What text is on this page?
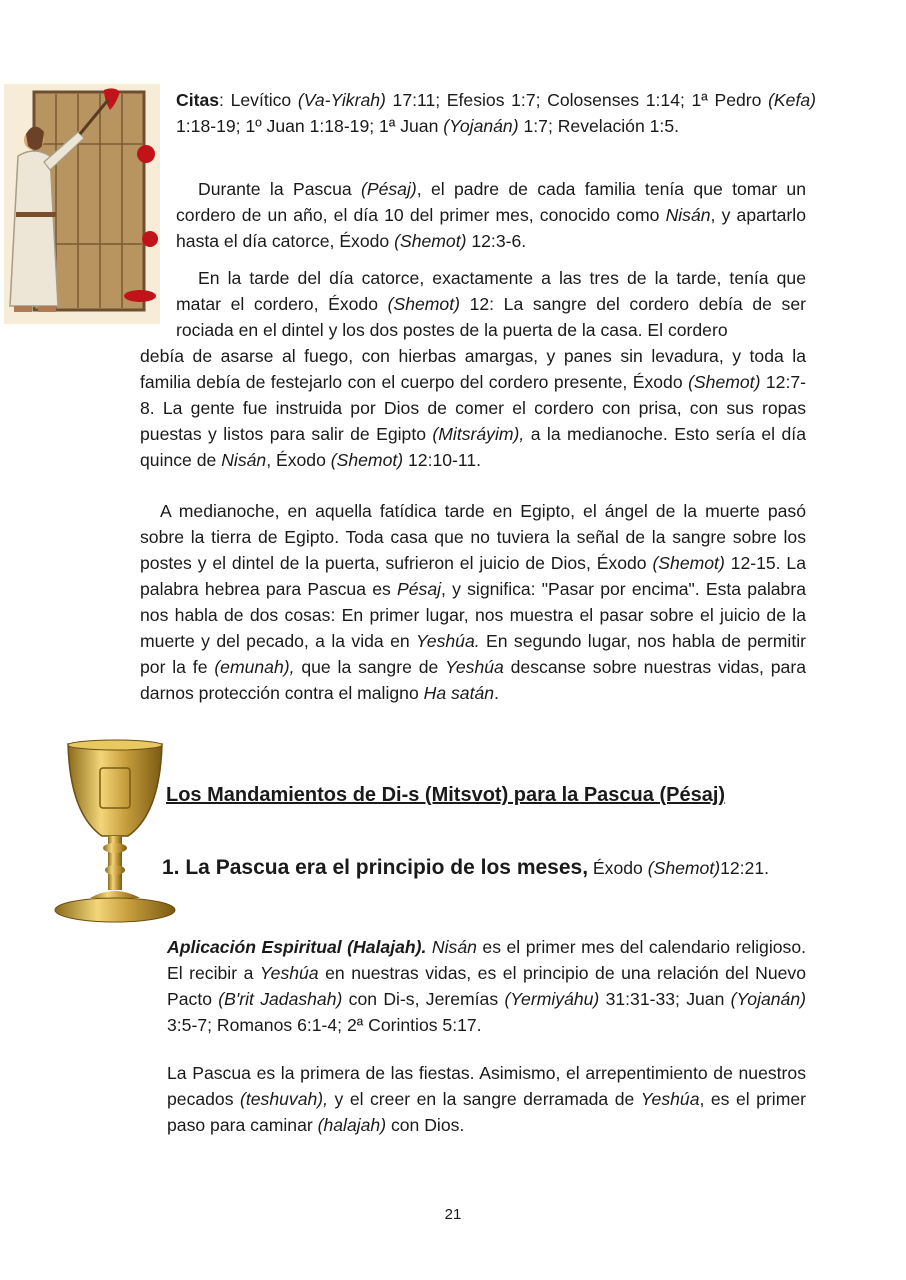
Citas: Levítico (Va-Yikrah) 17:11; Efesios 1:7; Colosenses 1:14; 1ª Pedro (Kefa) 1:18-19; 1º Juan 1:18-19; 1ª Juan (Yojanán) 1:7; Revelación 1:5.

Durante la Pascua (Pésaj), el padre de cada familia tenía que tomar un cordero de un año, el día 10 del primer mes, conocido como Nisán, y apartarlo hasta el día catorce, Éxodo (Shemot) 12:3-6.

En la tarde del día catorce, exactamente a las tres de la tarde, tenía que matar el cordero, Éxodo (Shemot) 12: La sangre del cordero debía de ser rociada en el dintel y los dos postes de la puerta de la casa. El cordero

debía de asarse al fuego, con hierbas amargas, y panes sin levadura, y toda la familia debía de festejarlo con el cuerpo del cordero presente, Éxodo (Shemot) 12:7-8. La gente fue instruida por Dios de comer el cordero con prisa, con sus ropas puestas y listos para salir de Egipto (Mitsráyim), a la medianoche. Esto sería el día quince de Nisán, Éxodo (Shemot) 12:10-11.

A medianoche, en aquella fatídica tarde en Egipto, el ángel de la muerte pasó sobre la tierra de Egipto. Toda casa que no tuviera la señal de la sangre sobre los postes y el dintel de la puerta, sufrieron el juicio de Dios, Éxodo (Shemot) 12-15. La palabra hebrea para Pascua es Pésaj, y significa: "Pasar por encima". Esta palabra nos habla de dos cosas: En primer lugar, nos muestra el pasar sobre el juicio de la muerte y del pecado, a la vida en Yeshúa. En segundo lugar, nos habla de permitir por la fe (emunah), que la sangre de Yeshúa descanse sobre nuestras vidas, para darnos protección contra el maligno Ha satán.

Los Mandamientos de Di-s (Mitsvot) para la Pascua (Pésaj)

1. La Pascua era el principio de los meses, Éxodo (Shemot)12:21.

Aplicación Espiritual (Halajah). Nisán es el primer mes del calendario religioso. El recibir a Yeshúa en nuestras vidas, es el principio de una relación del Nuevo Pacto (B'rit Jadashah) con Di-s, Jeremías (Yermiyáhu) 31:31-33; Juan (Yojanán) 3:5-7; Romanos 6:1-4; 2ª Corintios 5:17.

La Pascua es la primera de las fiestas. Asimismo, el arrepentimiento de nuestros pecados (teshuvah), y el creer en la sangre derramada de Yeshúa, es el primer paso para caminar (halajah) con Dios.

21
